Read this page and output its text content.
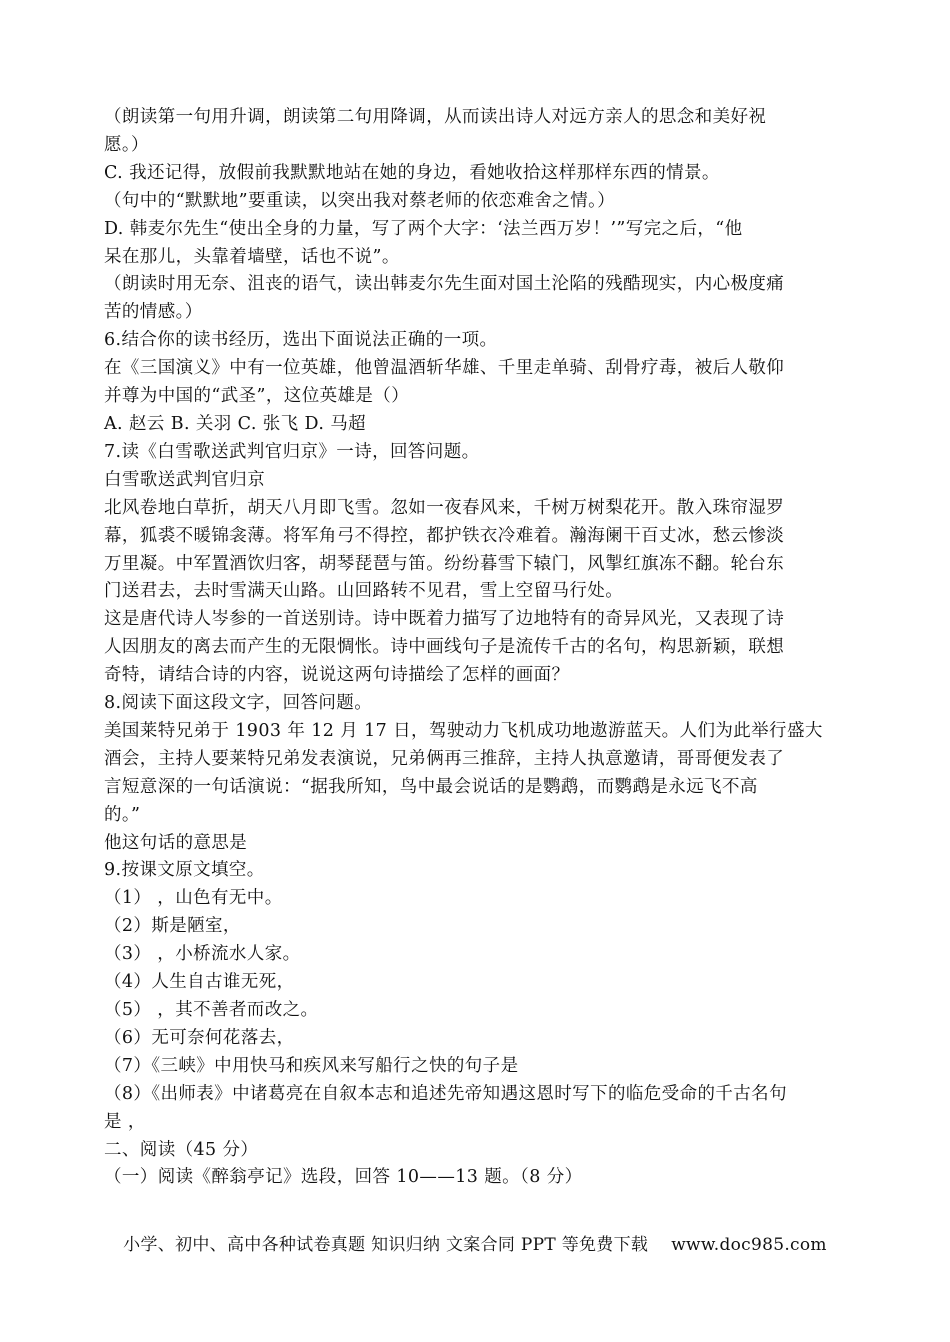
（朗读第一句用升调，朗读第二句用降调，从而读出诗人对远方亲人的思念和美好祝
愿。）
C. 我还记得，放假前我默默地站在她的身边，看她收拾这样那样东西的情景。
（句中的“默默地”要重读，以突出我对蔡老师的依恋难舍之情。）
D. 韩麦尔先生“使出全身的力量，写了两个大字：‘法兰西万岁！’”写完之后，“他
呆在那儿，头靠着墙壁，话也不说”。
（朗读时用无奈、沮丧的语气，读出韩麦尔先生面对国土沦陷的残酷现实，内心极度痛
苦的情感。）
6.结合你的读书经历，选出下面说法正确的一项。
在《三国演义》中有一位英雄，他曾温酒斩华雄、千里走单骑、刮骨疗毒，被后人敬仰
并尊为中国的“武圣”，这位英雄是（）
A. 赵云 B. 关羽 C. 张飞 D. 马超
7.读《白雪歌送武判官归京》一诗，回答问题。
白雪歌送武判官归京
北风卷地白草折，胡天八月即飞雪。忽如一夜春风来，千树万树梨花开。散入珠帘湿罗
幕，狐裘不暖锦衾薄。将军角弓不得控，都护铁衣冷难着。瀚海阑干百丈冰，愁云惨淡
万里凝。中军置酒饮归客，胡琴琵琶与笛。纷纷暮雪下辕门，风掣红旗冻不翻。轮台东
门送君去，去时雪满天山路。山回路转不见君，雪上空留马行处。
这是唐代诗人岑参的一首送别诗。诗中既着力描写了边地特有的奇异风光，又表现了诗
人因朋友的离去而产生的无限惆怅。诗中画线句子是流传千古的名句，构思新颖，联想
奇特，请结合诗的内容，说说这两句诗描绘了怎样的画面？
8.阅读下面这段文字，回答问题。
美国莱特兄弟于 1903 年 12 月 17 日，驾驶动力飞机成功地遨游蓝天。人们为此举行盛大
酒会，主持人要莱特兄弟发表演说，兄弟俩再三推辞，主持人执意邀请，哥哥便发表了
言短意深的一句话演说：“据我所知，鸟中最会说话的是鹦鹉，而鹦鹉是永远飞不高
的。”
他这句话的意思是
9.按课文原文填空。
（1） ，山色有无中。
（2）斯是陋室，
（3） ，小桥流水人家。
（4）人生自古谁无死，
（5） ，其不善者而改之。
（6）无可奈何花落去，
（7）《三峡》中用快马和疾风来写船行之快的句子是
（8）《出师表》中诸葛亮在自叙本志和追述先帝知遇这恩时写下的临危受命的千古名句
是 ，
二、阅读（45 分）
（一）阅读《醉翁亭记》选段，回答 10——13 题。（8 分）
小学、初中、高中各种试卷真题 知识归纳 文案合同 PPT 等免费下载　 www.doc985.com
